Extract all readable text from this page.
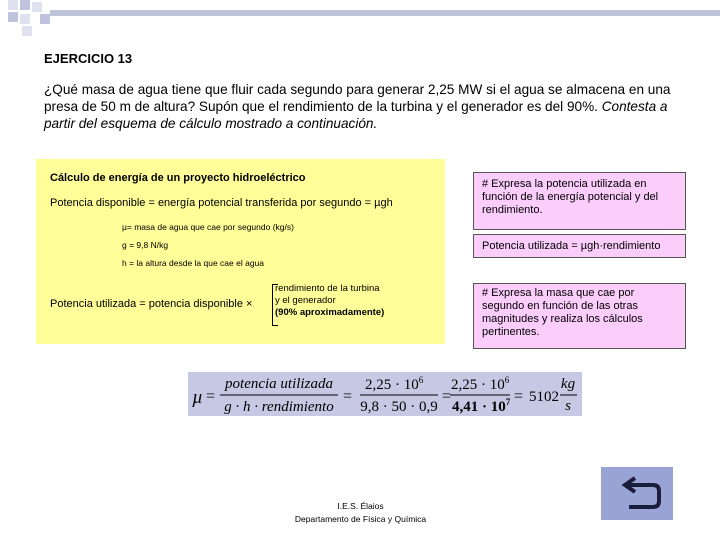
EJERCICIO 13
¿Qué masa de agua tiene que fluir cada segundo para generar 2,25 MW si el agua se almacena en una presa de 50 m de altura? Supón que el rendimiento de la turbina y el generador es del 90%. Contesta a partir del esquema de cálculo mostrado a continuación.
Cálculo de energía de un proyecto hidroeléctrico
Potencia disponible = energía potencial transferida por segundo = µgh
µ= masa de agua que cae por segundo (kg/s)
g = 9,8 N/kg
h = la altura desde la que cae el agua
Potencia utilizada = potencia disponible ×
rendimiento de la turbina
y el generador
(90% aproximadamente)
# Expresa la potencia utilizada en función de la energía potencial y del rendimiento.
Potencia utilizada = µgh·rendimiento
# Expresa la masa que cae por segundo en función de las otras magnitudes y realiza los cálculos pertinentes.
µ =
potencia utilizada
g · h · rendimiento
=
$2,25 \cdot 10^6$
9,8 · 50 · 0,9
=
$2,25 \cdot 10^6$
$4,41 \cdot 10^7 = 5102$
kg
s
I.E.S. Élaios
Departamento de Física y Química
